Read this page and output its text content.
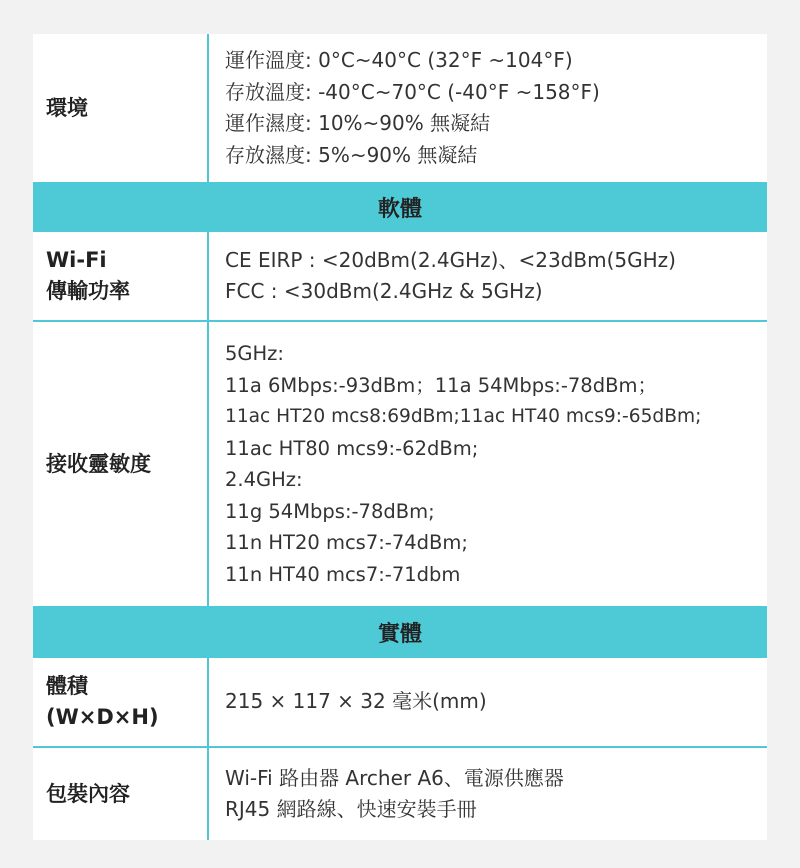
環境
運作溫度: 0°C~40°C (32°F ~104°F)
存放溫度: -40°C~70°C (-40°F ~158°F)
運作濕度: 10%~90% 無凝結
存放濕度: 5%~90% 無凝結
軟體
Wi-Fi
傳輸功率
CE EIRP : <20dBm(2.4GHz)、<23dBm(5GHz)
FCC : <30dBm(2.4GHz & 5GHz)
接收靈敏度
5GHz:
11a 6Mbps:-93dBm；11a 54Mbps:-78dBm；
11ac HT20 mcs8:69dBm;11ac HT40 mcs9:-65dBm;
11ac HT80 mcs9:-62dBm;
2.4GHz:
11g 54Mbps:-78dBm;
11n HT20 mcs7:-74dBm;
11n HT40 mcs7:-71dbm
實體
體積
(W×D×H)
215 × 117 × 32 毫米(mm)
包裝內容
Wi-Fi 路由器 Archer A6、電源供應器
RJ45 網路線、快速安裝手冊
